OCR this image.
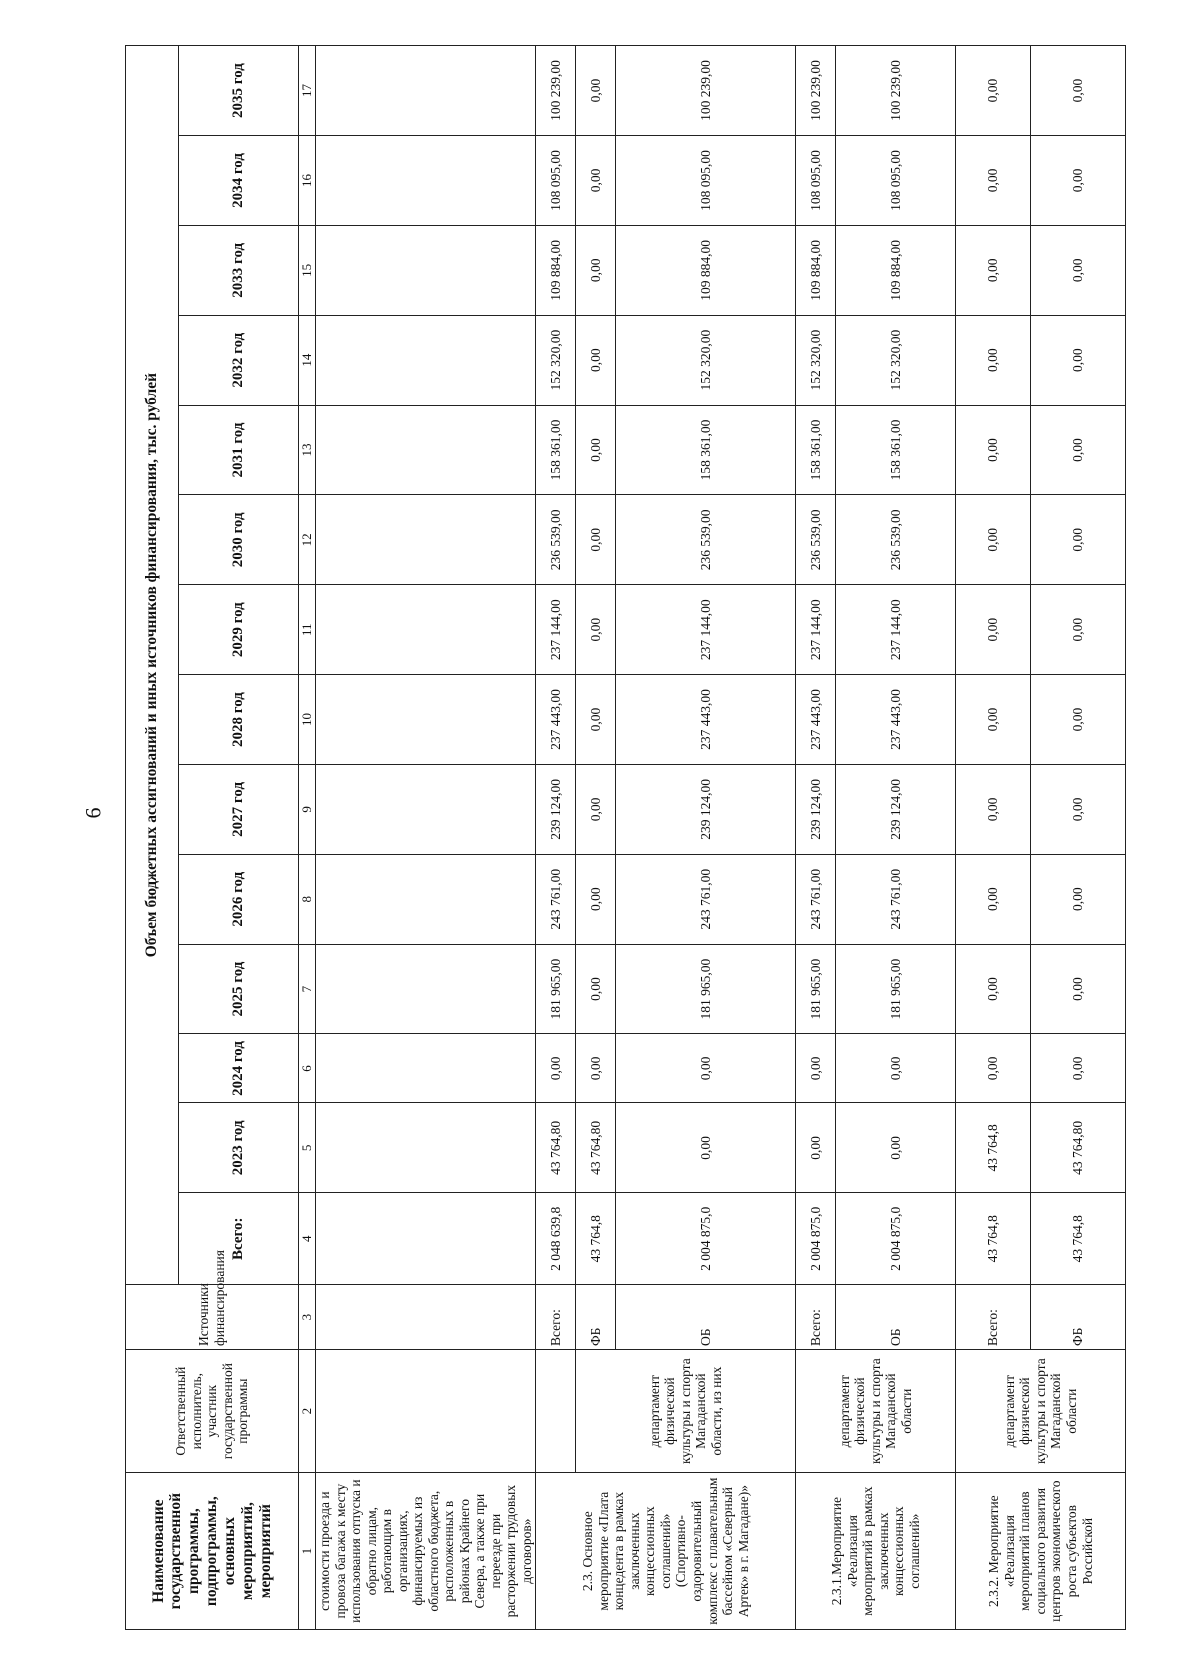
6
Наименование государственной программы, подпрограммы, основных мероприятий, мероприятий	Ответственный исполнитель, участник государственной программы	Источники финансирования	Объем бюджетных ассигнований и иных источников финансирования, тыс. рублей													
			Всего:	2023 год	2024 год	2025 год	2026 год	2027 год	2028 год	2029 год	2030 год	2031 год	2032 год	2033 год	2034 год	2035 год
1	2	3	4	5	6	7	8	9	10	11	12	13	14	15	16	17
стоимости проезда и провоза багажа к месту использования отпуска и обратно лицам, работающим в организациях, финансируемых из областного бюджета, расположенных в районах Крайнего Севера, а также при переезде при расторжении трудовых договоров»																
2.3. Основное мероприятие «Плата концедента в рамках заключенных концессионных соглашений» (Спортивно-оздоровительный комплекс с плавательным бассейном «Северный Артек» в г. Магадане)»		Всего:	2 048 639,8	43 764,80	0,00	181 965,00	243 761,00	239 124,00	237 443,00	237 144,00	236 539,00	158 361,00	152 320,00	109 884,00	108 095,00	100 239,00
	департамент физической культуры и спорта Магаданской области, из них	ФБ	43 764,8	43 764,80	0,00	0,00	0,00	0,00	0,00	0,00	0,00	0,00	0,00	0,00	0,00	0,00
		ОБ	2 004 875,0	0,00	0,00	181 965,00	243 761,00	239 124,00	237 443,00	237 144,00	236 539,00	158 361,00	152 320,00	109 884,00	108 095,00	100 239,00
2.3.1.Мероприятие «Реализация мероприятий в рамках заключенных концессионных соглашений»	департамент физической культуры и спорта Магаданской области	Всего:	2 004 875,0	0,00	0,00	181 965,00	243 761,00	239 124,00	237 443,00	237 144,00	236 539,00	158 361,00	152 320,00	109 884,00	108 095,00	100 239,00
		ОБ	2 004 875,0	0,00	0,00	181 965,00	243 761,00	239 124,00	237 443,00	237 144,00	236 539,00	158 361,00	152 320,00	109 884,00	108 095,00	100 239,00
2.3.2. Мероприятие «Реализация мероприятий планов социального развития центров экономического роста субъектов Российской	департамент физической культуры и спорта Магаданской области	Всего:	43 764,8	43 764,8	0,00	0,00	0,00	0,00	0,00	0,00	0,00	0,00	0,00	0,00	0,00	0,00
		ФБ	43 764,8	43 764,80	0,00	0,00	0,00	0,00	0,00	0,00	0,00	0,00	0,00	0,00	0,00	0,00
